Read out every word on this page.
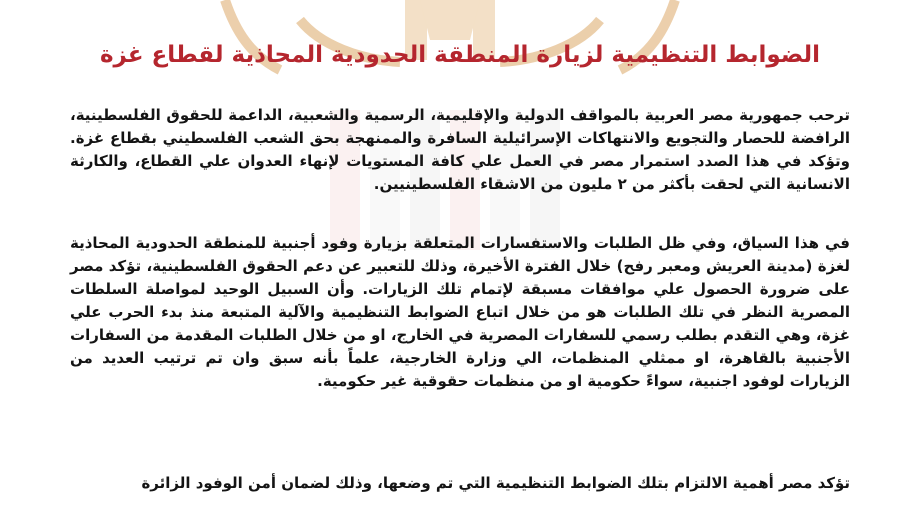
الضوابط التنظيمية لزيارة المنطقة الحدودية المحاذية لقطاع غزة

ترحب جمهورية مصر العربية بالمواقف الدولية والإقليمية، الرسمية والشعبية، الداعمة للحقوق الفلسطينية، الرافضة للحصار والتجويع والانتهاكات الإسرائيلية السافرة والممنهجة بحق الشعب الفلسطيني بقطاع غزة. وتؤكد في هذا الصدد استمرار مصر في العمل علي كافة المستويات لإنهاء العدوان علي القطاع، والكارثة الانسانية التي لحقت بأكثر من ٢ مليون من الاشقاء الفلسطينيين.

في هذا السياق، وفي ظل الطلبات والاستفسارات المتعلقة بزيارة وفود أجنبية للمنطقة الحدودية المحاذية لغزة (مدينة العريش ومعبر رفح) خلال الفترة الأخيرة، وذلك للتعبير عن دعم الحقوق الفلسطينية، تؤكد مصر على ضرورة الحصول علي موافقات مسبقة لإتمام تلك الزيارات. وأن السبيل الوحيد لمواصلة السلطات المصرية النظر في تلك الطلبات هو من خلال اتباع الضوابط التنظيمية والآلية المتبعة منذ بدء الحرب علي غزة، وهي التقدم بطلب رسمي للسفارات المصرية في الخارج، او من خلال الطلبات المقدمة من السفارات الأجنبية بالقاهرة، او ممثلي المنظمات، الي وزارة الخارجية، علماً بأنه سبق وان تم ترتيب العديد من الزيارات لوفود اجنبية، سواءً حكومية او من منظمات حقوقية غير حكومية.

تؤكد مصر أهمية الالتزام بتلك الضوابط التنظيمية التي تم وضعها، وذلك لضمان أمن الوفود الزائرة
